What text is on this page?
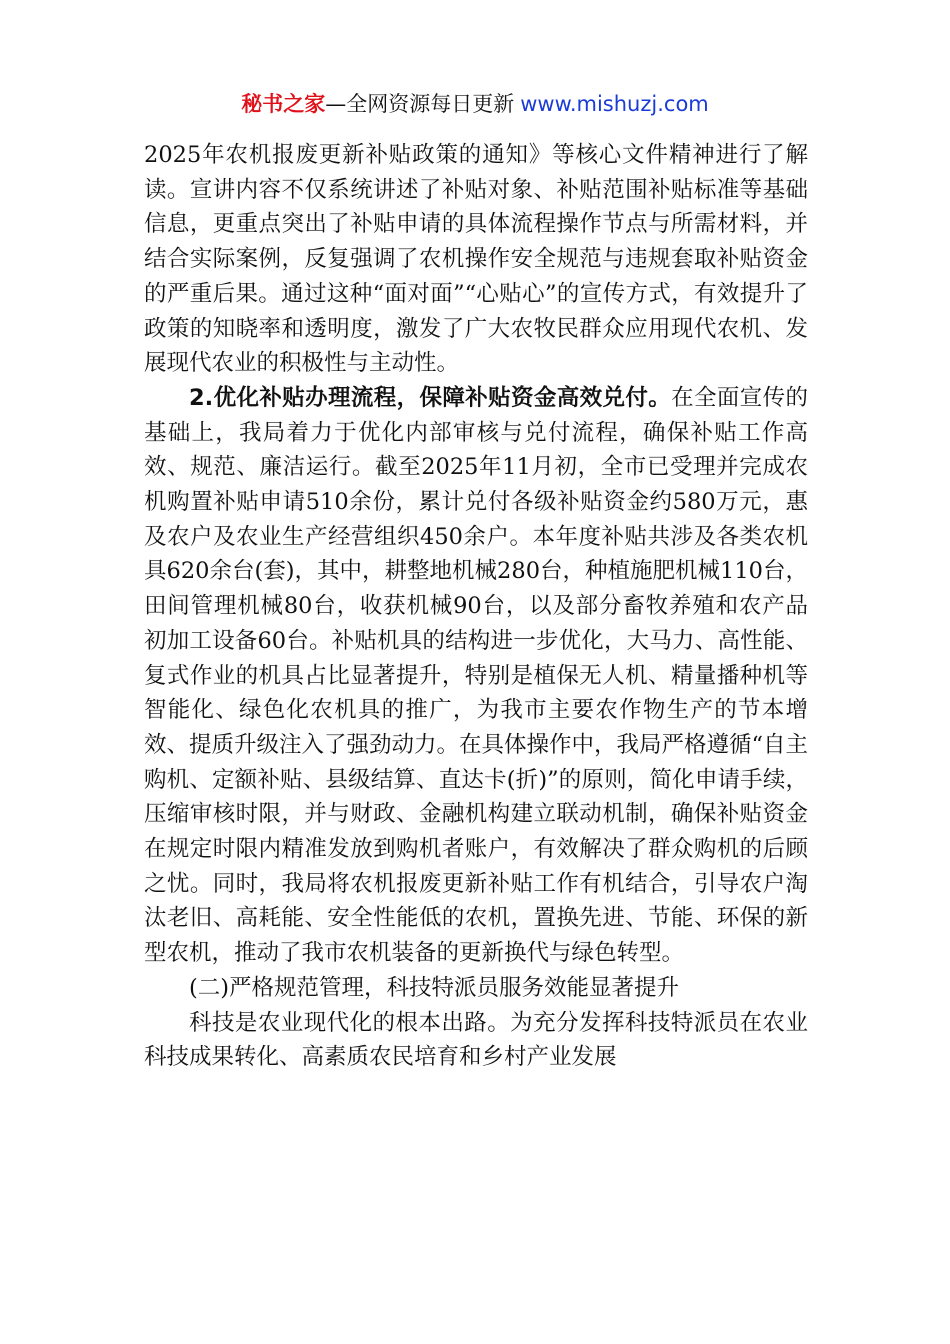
秘书之家—全网资源每日更新 www.mishuzj.com

2025年农机报废更新补贴政策的通知》等核心文件精神进行了解读。宣讲内容不仅系统讲述了补贴对象、补贴范围补贴标准等基础信息，更重点突出了补贴申请的具体流程操作节点与所需材料，并结合实际案例，反复强调了农机操作安全规范与违规套取补贴资金的严重后果。通过这种“面对面”“心贴心”的宣传方式，有效提升了政策的知晓率和透明度，激发了广大农牧民群众应用现代农机、发展现代农业的积极性与主动性。

2.优化补贴办理流程，保障补贴资金高效兑付。在全面宣传的基础上，我局着力于优化内部审核与兑付流程，确保补贴工作高效、规范、廉洁运行。截至2025年11月初，全市已受理并完成农机购置补贴申请510余份，累计兑付各级补贴资金约580万元，惠及农户及农业生产经营组织450余户。本年度补贴共涉及各类农机具620余台(套)，其中，耕整地机械280台，种植施肥机械110台，田间管理机械80台，收获机械90台，以及部分畜牧养殖和农产品初加工设备60台。补贴机具的结构进一步优化，大马力、高性能、复式作业的机具占比显著提升，特别是植保无人机、精量播种机等智能化、绿色化农机具的推广，为我市主要农作物生产的节本增效、提质升级注入了强劲动力。在具体操作中，我局严格遵循“自主购机、定额补贴、县级结算、直达卡(折)”的原则，简化申请手续，压缩审核时限，并与财政、金融机构建立联动机制，确保补贴资金在规定时限内精准发放到购机者账户，有效解决了群众购机的后顾之忧。同时，我局将农机报废更新补贴工作有机结合，引导农户淘汰老旧、高耗能、安全性能低的农机，置换先进、节能、环保的新型农机，推动了我市农机装备的更新换代与绿色转型。

(二)严格规范管理，科技特派员服务效能显著提升

科技是农业现代化的根本出路。为充分发挥科技特派员在农业科技成果转化、高素质农民培育和乡村产业发展
